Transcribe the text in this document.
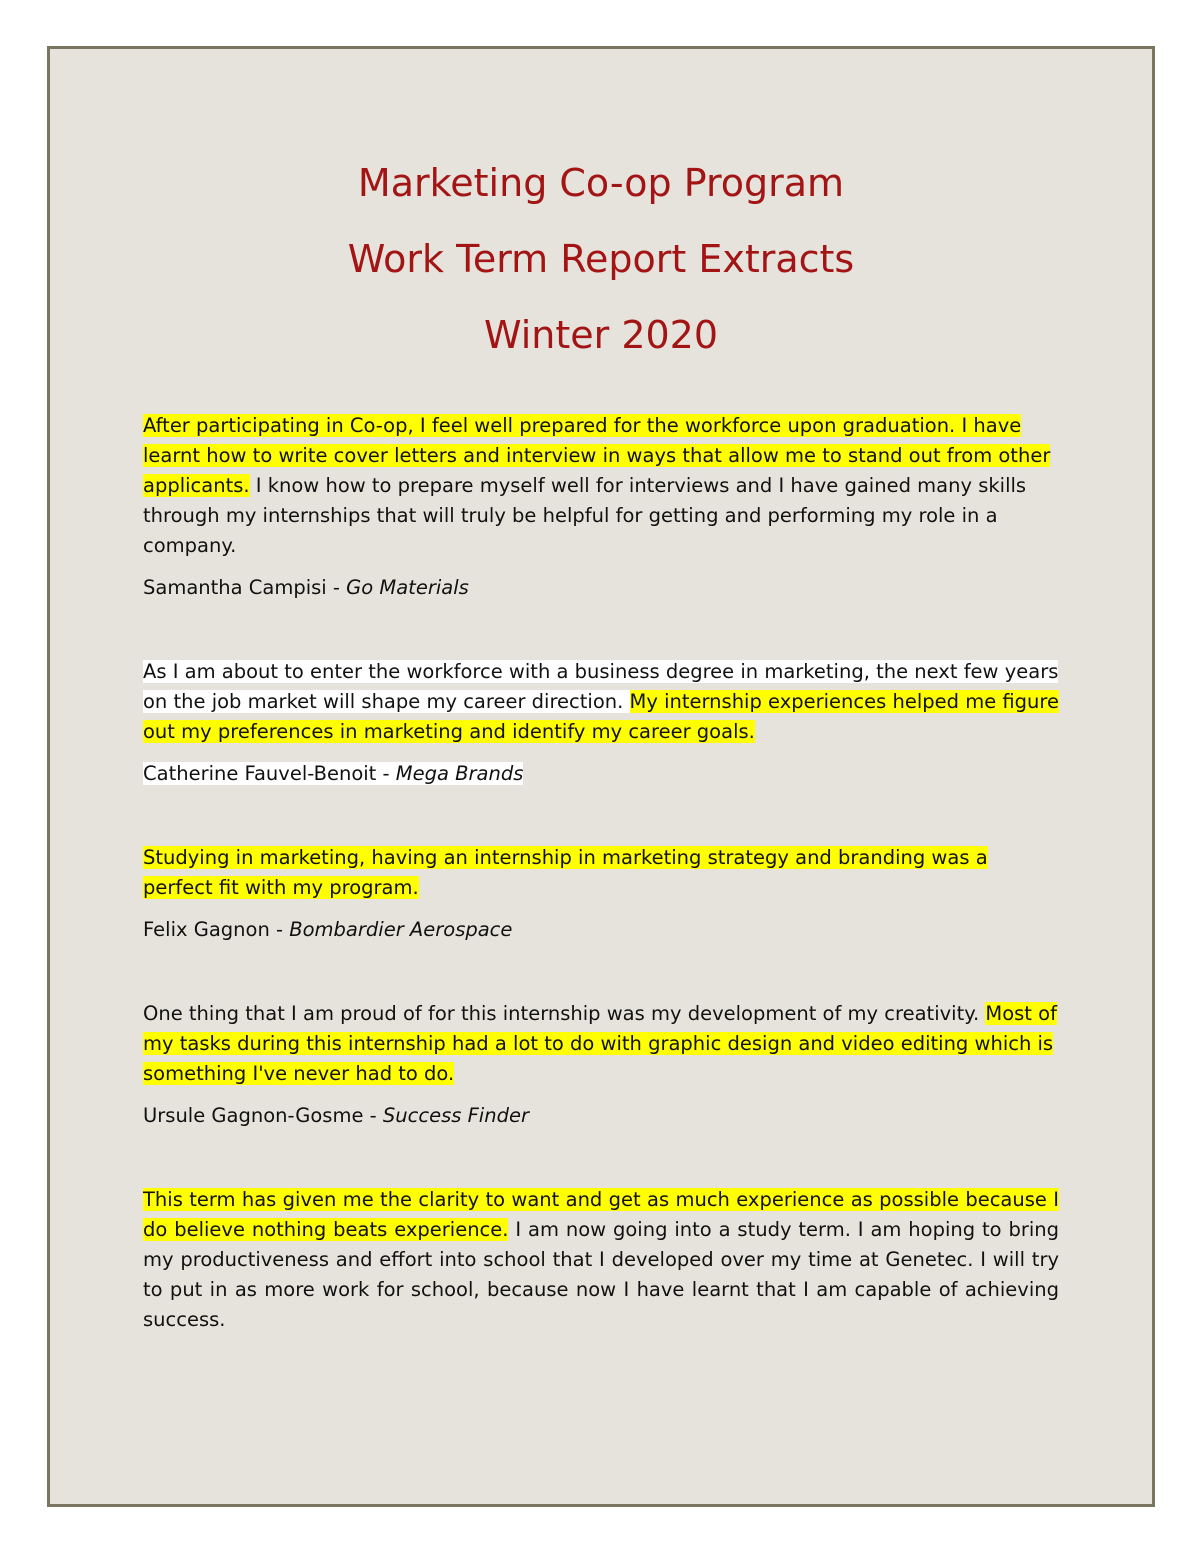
Marketing Co-op Program
Work Term Report Extracts
Winter 2020

After participating in Co-op, I feel well prepared for the workforce upon graduation. I have learnt how to write cover letters and interview in ways that allow me to stand out from other applicants. I know how to prepare myself well for interviews and I have gained many skills through my internships that will truly be helpful for getting and performing my role in a company.

Samantha Campisi - Go Materials

As I am about to enter the workforce with a business degree in marketing, the next few years on the job market will shape my career direction. My internship experiences helped me figure out my preferences in marketing and identify my career goals.

Catherine Fauvel-Benoit - Mega Brands

Studying in marketing, having an internship in marketing strategy and branding was a perfect fit with my program.

Felix Gagnon - Bombardier Aerospace

One thing that I am proud of for this internship was my development of my creativity. Most of my tasks during this internship had a lot to do with graphic design and video editing which is something I've never had to do.

Ursule Gagnon-Gosme - Success Finder

This term has given me the clarity to want and get as much experience as possible because I do believe nothing beats experience. I am now going into a study term. I am hoping to bring my productiveness and effort into school that I developed over my time at Genetec. I will try to put in as more work for school, because now I have learnt that I am capable of achieving success.
